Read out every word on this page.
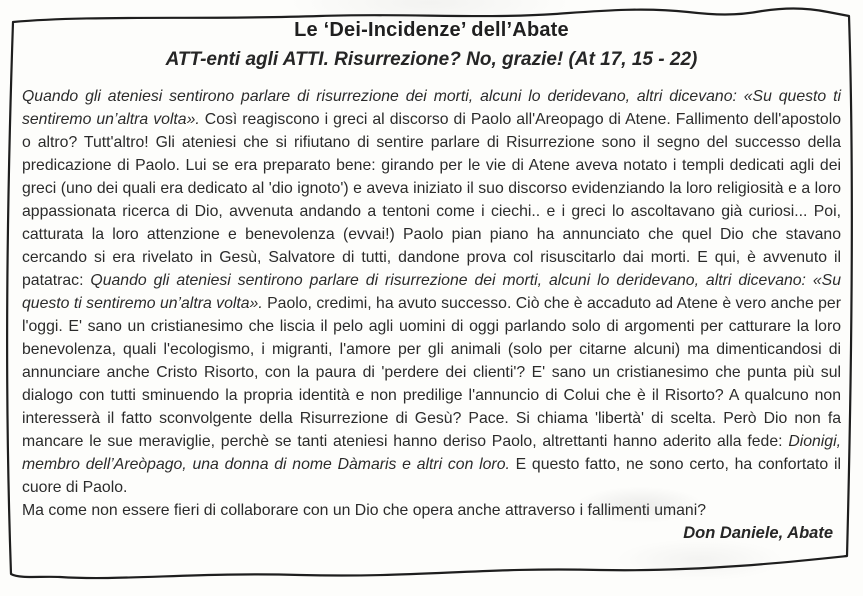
Le ‘Dei-Incidenze’ dell’Abate
ATT-enti agli ATTI. Risurrezione? No, grazie! (At 17, 15 - 22)

Quando gli ateniesi sentirono parlare di risurrezione dei morti, alcuni lo deridevano, altri dicevano: «Su questo ti sentiremo un’altra volta». Così reagiscono i greci al discorso di Paolo all'Areopago di Atene. Fallimento dell'apostolo o altro? Tutt'altro! Gli ateniesi che si rifiutano di sentire parlare di Risurrezione sono il segno del successo della predicazione di Paolo. Lui se era preparato bene: girando per le vie di Atene aveva notato i templi dedicati agli dei greci (uno dei quali era dedicato al 'dio ignoto') e aveva iniziato il suo discorso evidenziando la loro religiosità e a loro appassionata ricerca di Dio, avvenuta andando a tentoni come i ciechi.. e i greci lo ascoltavano già curiosi... Poi, catturata la loro attenzione e benevolenza (evvai!) Paolo pian piano ha annunciato che quel Dio che stavano cercando si era rivelato in Gesù, Salvatore di tutti, dandone prova col risuscitarlo dai morti. E qui, è avvenuto il patatrac: Quando gli ateniesi sentirono parlare di risurrezione dei morti, alcuni lo deridevano, altri dicevano: «Su questo ti sentiremo un’altra volta». Paolo, credimi, ha avuto successo. Ciò che è accaduto ad Atene è vero anche per l'oggi. E' sano un cristianesimo che liscia il pelo agli uomini di oggi parlando solo di argomenti per catturare la loro benevolenza, quali l'ecologismo, i migranti, l'amore per gli animali (solo per citarne alcuni) ma dimenticandosi di annunciare anche Cristo Risorto, con la paura di 'perdere dei clienti'? E' sano un cristianesimo che punta più sul dialogo con tutti sminuendo la propria identità e non predilige l'annuncio di Colui che è il Risorto? A qualcuno non interesserà il fatto sconvolgente della Risurrezione di Gesù? Pace. Si chiama 'libertà' di scelta. Però Dio non fa mancare le sue meraviglie, perchè se tanti ateniesi hanno deriso Paolo, altrettanti hanno aderito alla fede: Dionigi, membro dell’Areòpago, una donna di nome Dàmaris e altri con loro. E questo fatto, ne sono certo, ha confortato il cuore di Paolo.

Ma come non essere fieri di collaborare con un Dio che opera anche attraverso i fallimenti umani?

Don Daniele, Abate
